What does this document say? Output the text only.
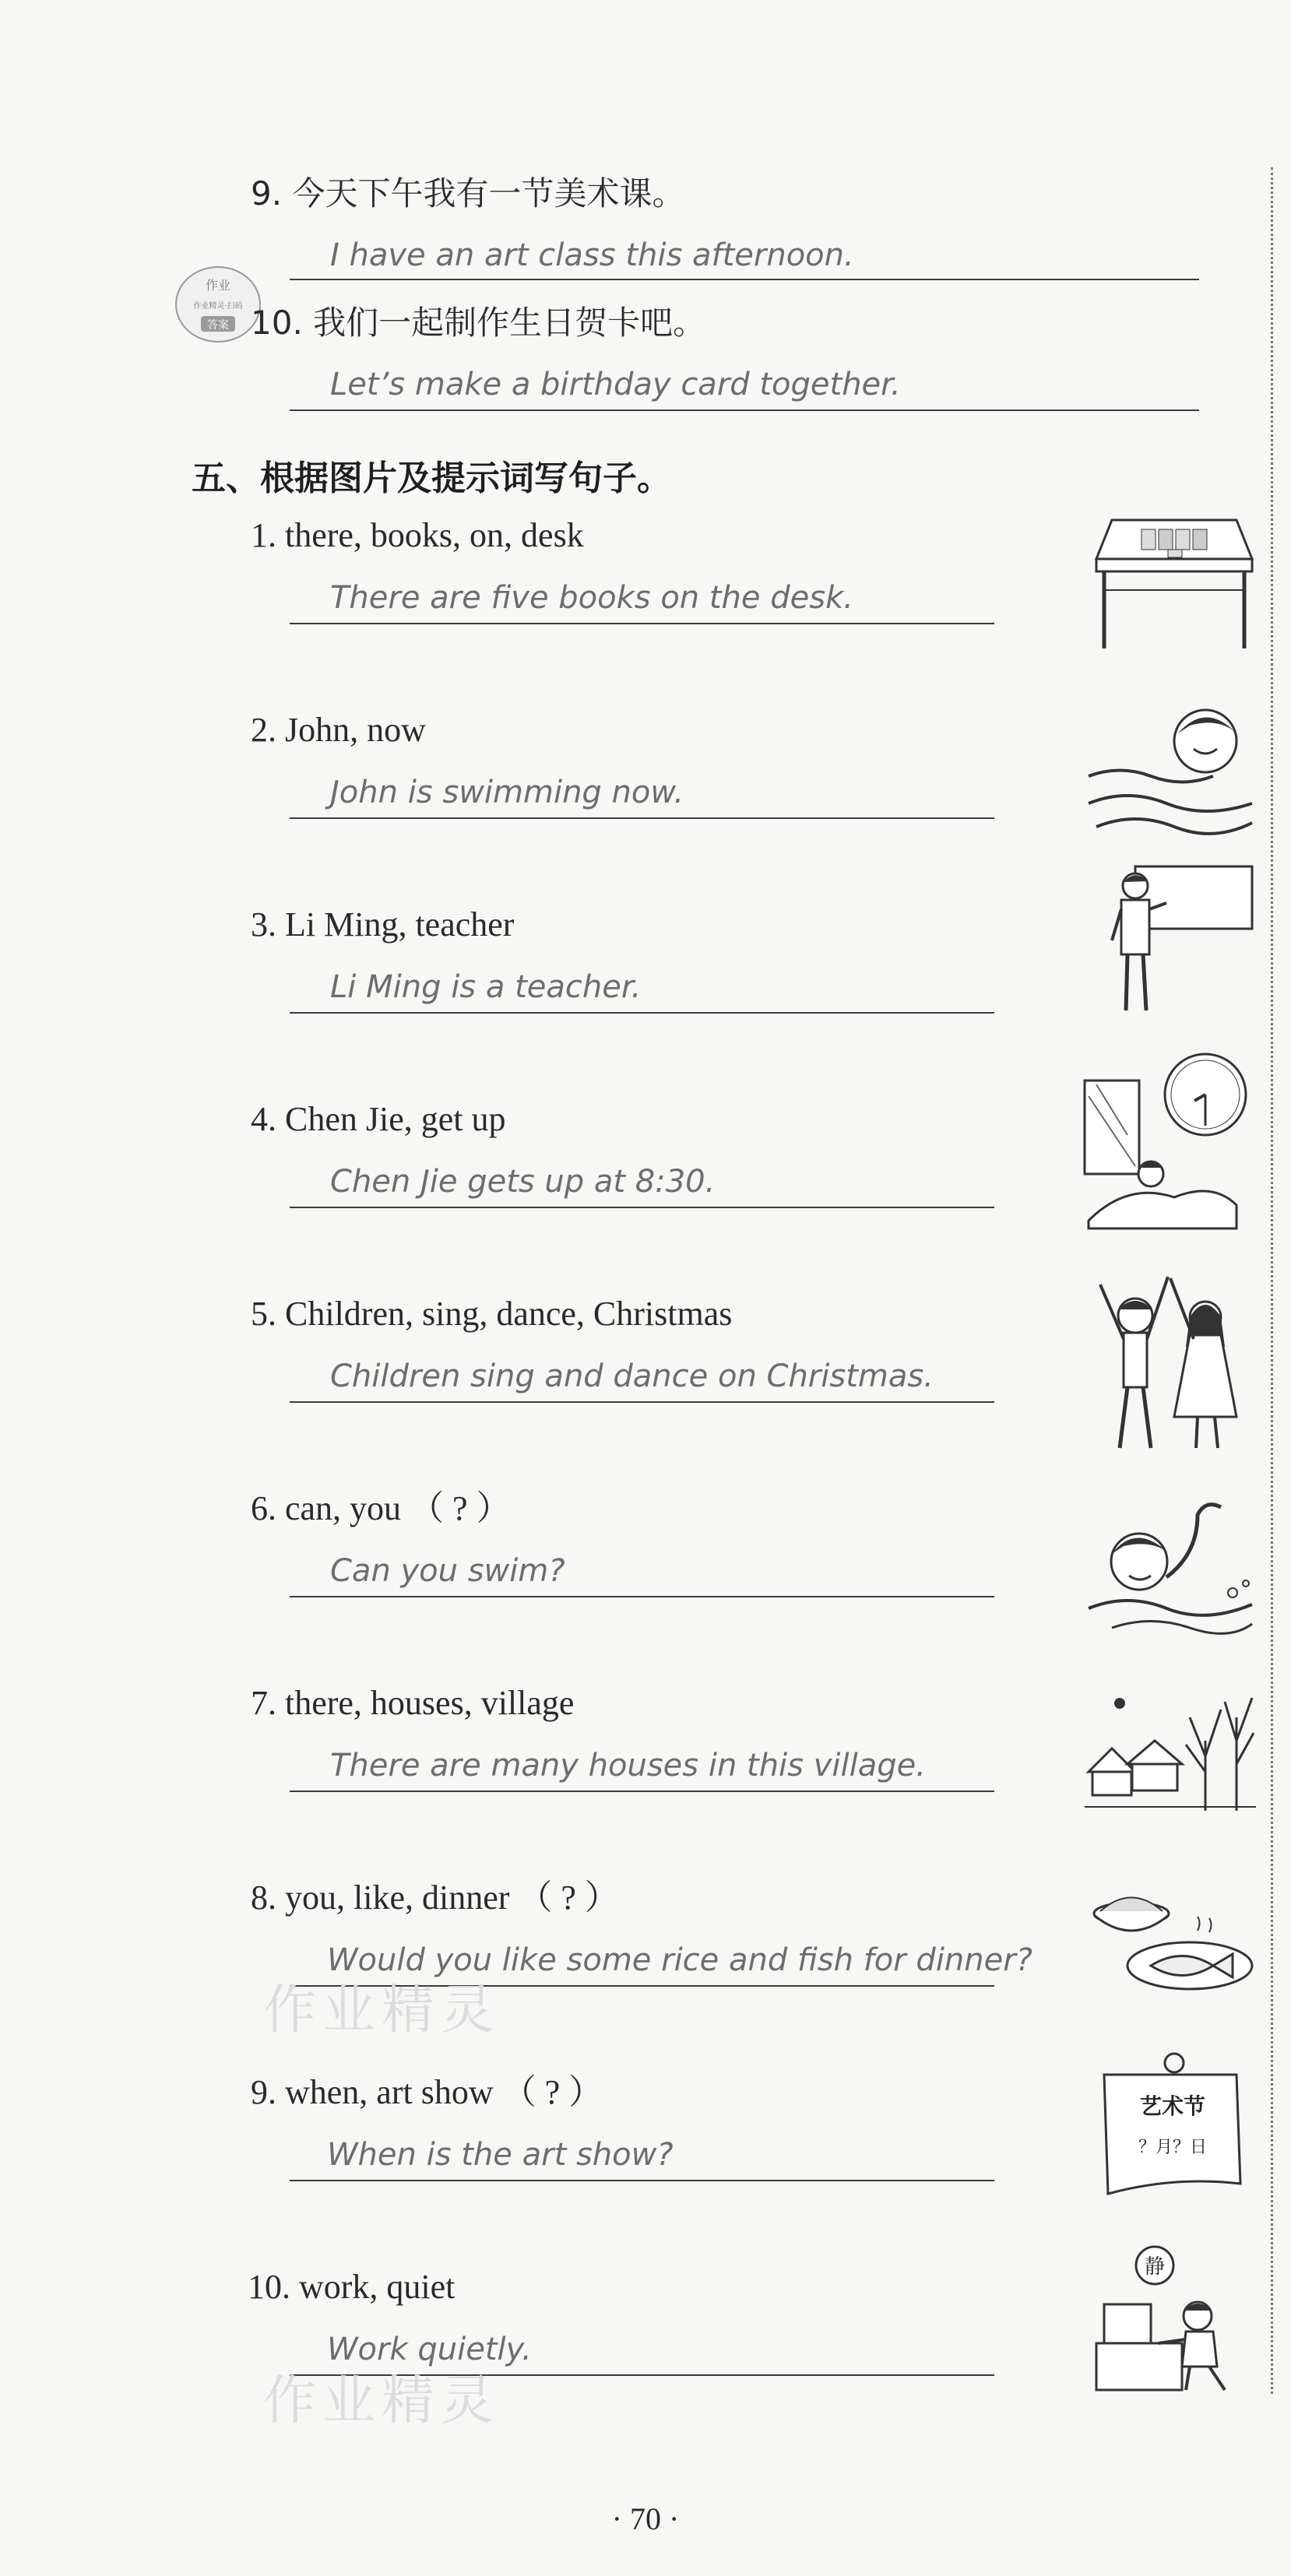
9. 今天下午我有一节美术课。
I have an art class this afternoon.
作业
作业精灵·扫码
答案 10. 我们一起制作生日贺卡吧。
Let’s make a birthday card together.
五、根据图片及提示词写句子。
1. there, books, on, desk
There are five books on the desk.
2. John, now
John is swimming now.
3. Li Ming, teacher
Li Ming is a teacher.
4. Chen Jie, get up
Chen Jie gets up at 8:30.
5. Children, sing, dance, Christmas
Children sing and dance on Christmas.
6. can, you （ ? ）
Can you swim?
7. there, houses, village
There are many houses in this village.
8. you, like, dinner （ ? ）
Would you like some rice and fish for dinner?
9. when, art show （ ? ）
When is the art show?
艺术节
？月？日
10. work, quiet
Work quietly.
静
作业精灵
作业精灵
· 70 ·
